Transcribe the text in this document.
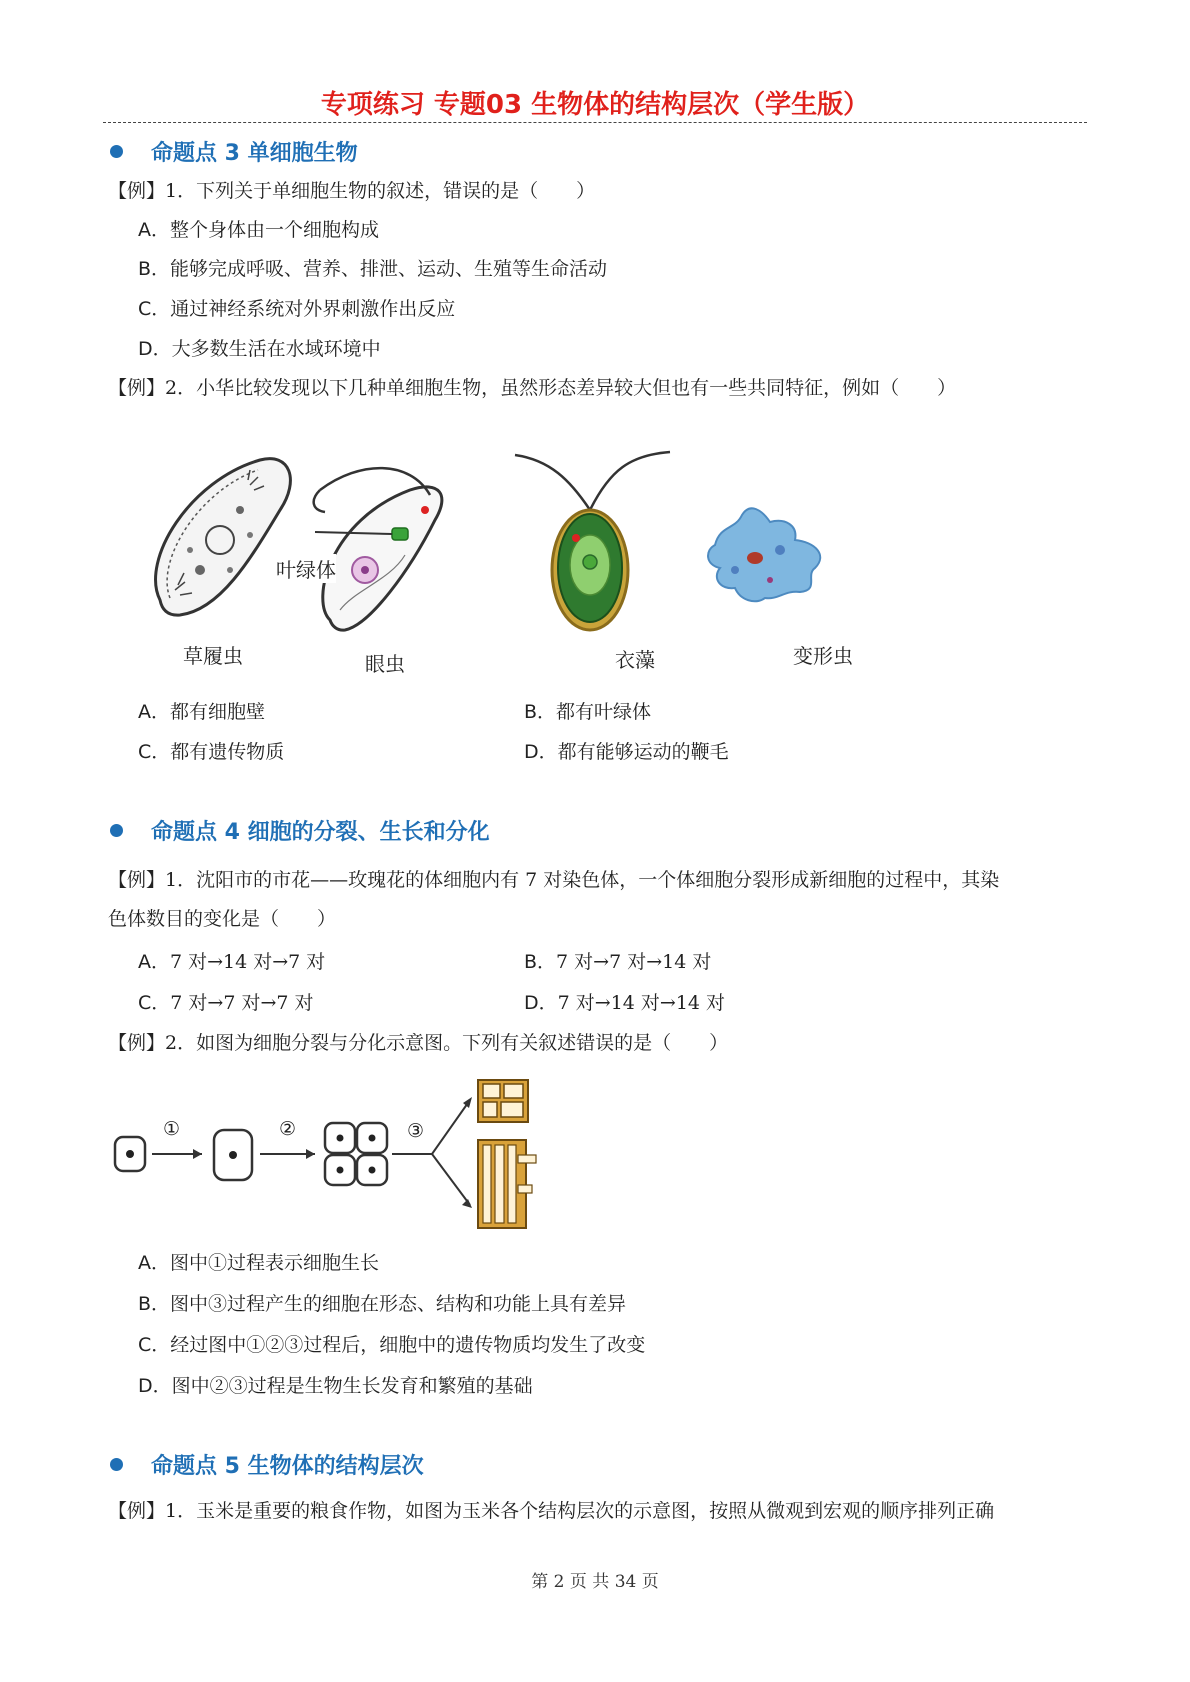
专项练习 专题03 生物体的结构层次（学生版）
命题点 3 单细胞生物
【例】1．下列关于单细胞生物的叙述，错误的是（　　）
A．整个身体由一个细胞构成
B．能够完成呼吸、营养、排泄、运动、生殖等生命活动
C．通过神经系统对外界刺激作出反应
D．大多数生活在水域环境中
【例】2．小华比较发现以下几种单细胞生物，虽然形态差异较大但也有一些共同特征，例如（　　）
草履虫	眼虫
叶绿体
衣藻	变形虫
A．都有细胞壁	B．都有叶绿体
C．都有遗传物质	D．都有能够运动的鞭毛
命题点 4 细胞的分裂、生长和分化
【例】1．沈阳市的市花——玫瑰花的体细胞内有 7 对染色体，一个体细胞分裂形成新细胞的过程中，其染
色体数目的变化是（　　）
A．7 对→14 对→7 对	B．7 对→7 对→14 对
C．7 对→7 对→7 对	D．7 对→14 对→14 对
【例】2．如图为细胞分裂与分化示意图。下列有关叙述错误的是（　　）
①	②	③
A．图中①过程表示细胞生长
B．图中③过程产生的细胞在形态、结构和功能上具有差异
C．经过图中①②③过程后，细胞中的遗传物质均发生了改变
D．图中②③过程是生物生长发育和繁殖的基础
命题点 5 生物体的结构层次
【例】1．玉米是重要的粮食作物，如图为玉米各个结构层次的示意图，按照从微观到宏观的顺序排列正确
第 2 页 共 34 页
